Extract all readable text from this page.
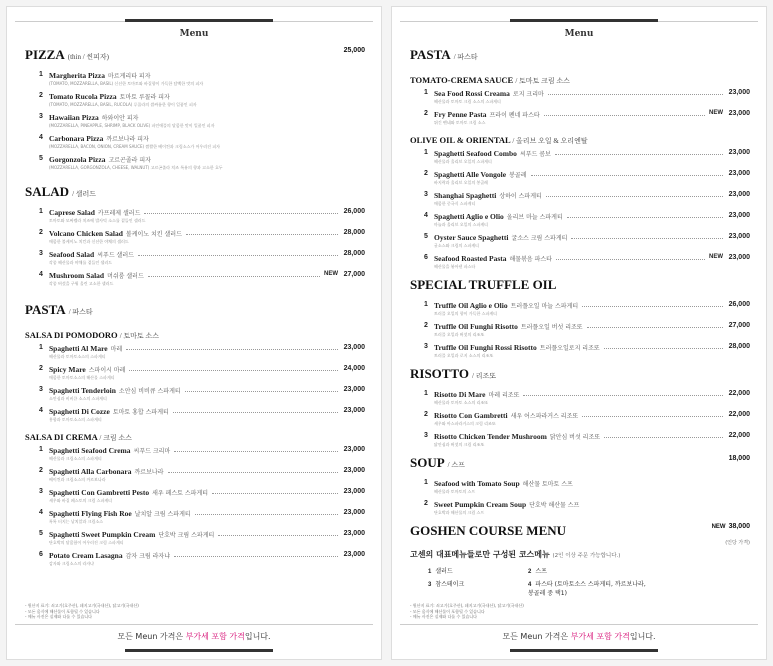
Menu
PIZZA (thin / 씬피자)
25,000
1 Margherita Pizza 마르게리타 피자
(TOMATO, MOZZARELLA, BASIL) 신선한 토마토와 바질향이 가득한 담백한 맛의 피자
2 Tomato Rucola Pizza 토마토 루꼴라 피자
(TOMATO, MOZZARELLA, BASIL, RUCOLA) 루꼴라의 쌉싸름한 향이 일품인 피자
3 Hawaiian Pizza 하와이안 피자
(MOZZARELLA, PINEAPPLE, SHRIMP, BLACK OLIVE) 파인애플의 달콤한 맛이 일품인 피자
4 Carbonara Pizza 까르보나라 피자
(MOZZARELLA, BACON, ONION, CREAM SAUCE) 짭짤한 베이컨과 크림소스가 어우러진 피자
5 Gorgonzola Pizza 고르곤졸라 피자
(MOZZARELLA, GORGONZOLA, CHEESE, WALNUT) 고르곤졸라 치즈 특유의 향과 고소한 호두
SALAD / 샐러드
1 Caprese Salad 카프레제 샐러드
토마토와 모짜렐라 치즈에 발사믹 소스를 곁들인 샐러드
26,000
2 Volcano Chicken Salad 볼케이노 치킨 샐러드
매콤한 볼케이노 치킨과 신선한 야채의 샐러드
28,000
3 Seafood Salad 씨푸드 샐러드
각종 해산물과 야채를 곁들인 샐러드
28,000
4 Mushroom Salad 머쉬룸 샐러드
각종 버섯을 구워 올린 고소한 샐러드
NEW 27,000
PASTA / 파스타
SALSA DI POMODORO / 토마토 소스
1 Spaghetti Al Mare 마레
해산물과 토마토소스의 스파게티
23,000
2 Spicy Mare 스파이시 마레
매콤한 토마토소스의 해산물 스파게티
24,000
3 Spaghetti Tenderloin 소안심 비비큐 스파게티
소안심과 비비큐 소스의 스파게티
23,000
4 Spaghetti Di Cozze 토마토 홍합 스파게티
홍합과 토마토소스의 스파게티
23,000
SALSA DI CREMA / 크림 소스
1 Spaghetti Seafood Crema 씨푸드 크리마
해산물과 크림소스의 스파게티
23,000
2 Spaghetti Alla Carbonara 까르보나라
베이컨과 크림소스의 까르보나라
23,000
3 Spaghetti Con Gambretti Pesto 새우 페스토 스파게티
새우와 바질 페스토의 크림 스파게티
23,000
4 Spaghetti Flying Fish Roe 날치알 크림 스파게티
톡톡 터지는 날치알과 크림소스
23,000
5 Spaghetti Sweet Pumpkin Cream 단호박 크림 스파게티
단호박의 달콤함이 어우러진 크림 스파게티
23,000
6 Potato Cream Lasagna 감자 크림 라자냐
감자와 크림소스의 라자냐
23,000
- 원산지 표기: 쇠고기(호주산), 돼지고기(국내산), 닭고기(국내산)
- 모든 음식에 해산물이 포함될 수 있습니다
- 메뉴 사진은 실제와 다를 수 있습니다
모든 Meun 가격은 부가세 포함 가격입니다.
Menu
PASTA / 파스타
TOMATO-CREMA SAUCE / 토마토 크림 소스
1 Sea Food Rossi Creama 로지 크리마
해산물과 토마토 크림 소스의 스파게티
23,000
2 Fry Penne Pasta 프라이 펜네 파스타
튀긴 펜네와 토마토 크림 소스
NEW 23,000
OLIVE OIL & ORIENTAL / 올리브 오일 & 오리엔탈
1 Spaghetti Seafood Combo 씨푸드 콤보
해산물과 올리브 오일의 스파게티
23,000
2 Spaghetti Alle Vongole 봉골레
바지락과 올리브 오일의 봉골레
23,000
3 Shanghai Spaghetti 상하이 스파게티
매콤한 중국식 스파게티
23,000
4 Spaghetti Aglio e Olio 올리브 마늘 스파게티
마늘과 올리브 오일의 스파게티
23,000
5 Oyster Sauce Spaghetti 굴소스 크림 스파게티
굴소스와 크림의 스파게티
23,000
6 Seafood Roasted Pasta 해물볶음 파스타
해산물을 볶아낸 파스타
NEW 23,000
SPECIAL TRUFFLE OIL
1 Truffle Oil Aglio e Olio 트러플오일 마늘 스파게티
트러플 오일의 향이 가득한 스파게티
26,000
2 Truffle Oil Funghi Risotto 트러플오일 버섯 리조또
트러플 오일과 버섯의 리조또
27,000
3 Truffle Oil Funghi Rossi Risotto 트러플오일로지 리조또
트러플 오일과 로지 소스의 리조또
28,000
RISOTTO / 리조또
1 Risotto Di Mare 마레 리조또
해산물과 토마토 소스의 리조또
22,000
2 Risotto Con Gambretti 새우 어스파라거스 리조또
새우와 아스파라거스의 크림 리조또
22,000
3 Risotto Chicken Tender Mushroom 닭안심 버섯 리조또
닭안심과 버섯의 크림 리조또
22,000
SOUP / 스프
18,000
1 Seafood with Tomato Soup 해산물 토마토 스프
해산물과 토마토의 스프
2 Sweet Pumpkin Cream Soup 단호박 해산물 스프
단호박과 해산물의 크림 스프
GOSHEN COURSE MENU	NEW 38,000
(인당 가격)
고센의 대표메뉴들로만 구성된 코스메뉴 (2인 이상 주문 가능합니다.)
1 샐러드	2 스프
3 참스테이크	4 파스타 (토마토소스 스파게티, 까르보나라, 봉골레 중 택1)
- 원산지 표기: 쇠고기(호주산), 돼지고기(국내산), 닭고기(국내산)
- 모든 음식에 해산물이 포함될 수 있습니다
- 메뉴 사진은 실제와 다를 수 있습니다
모든 Meun 가격은 부가세 포함 가격입니다.
